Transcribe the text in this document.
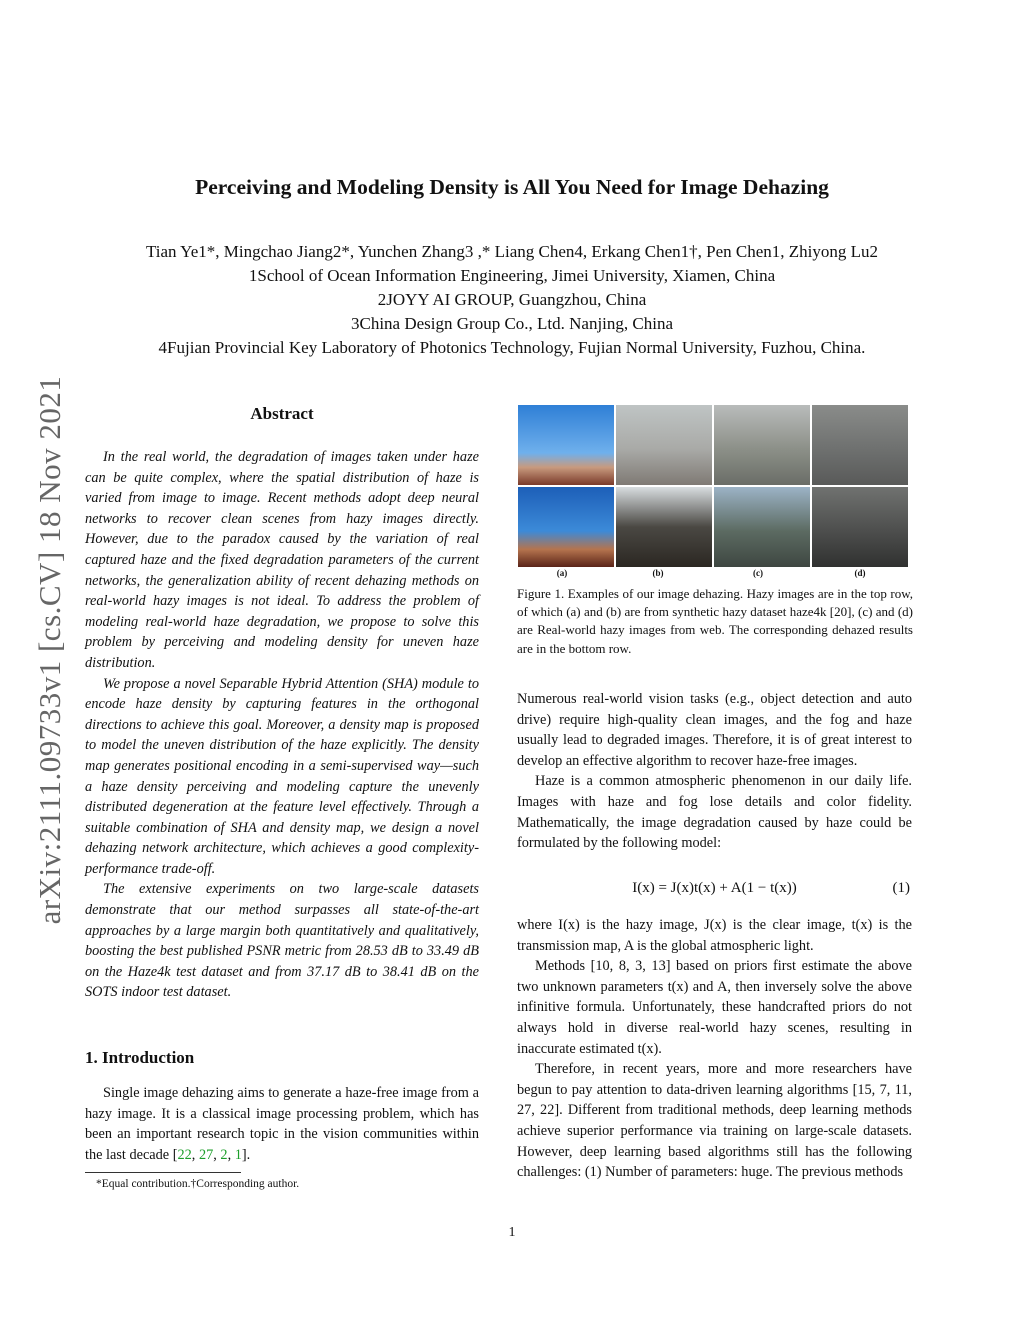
arXiv:2111.09733v1 [cs.CV] 18 Nov 2021
Perceiving and Modeling Density is All You Need for Image Dehazing
Tian Ye1*, Mingchao Jiang2*, Yunchen Zhang3 ,* Liang Chen4, Erkang Chen1†, Pen Chen1, Zhiyong Lu2
1School of Ocean Information Engineering, Jimei University, Xiamen, China
2JOYY AI GROUP, Guangzhou, China
3China Design Group Co., Ltd. Nanjing, China
4Fujian Provincial Key Laboratory of Photonics Technology, Fujian Normal University, Fuzhou, China.
Abstract

In the real world, the degradation of images taken under haze can be quite complex, where the spatial distribution of haze is varied from image to image. Recent methods adopt deep neural networks to recover clean scenes from hazy images directly. However, due to the paradox caused by the variation of real captured haze and the fixed degradation parameters of the current networks, the generalization ability of recent dehazing methods on real-world hazy images is not ideal. To address the problem of modeling real-world haze degradation, we propose to solve this problem by perceiving and modeling density for uneven haze distribution.

We propose a novel Separable Hybrid Attention (SHA) module to encode haze density by capturing features in the orthogonal directions to achieve this goal. Moreover, a density map is proposed to model the uneven distribution of the haze explicitly. The density map generates positional encoding in a semi-supervised way—such a haze density perceiving and modeling capture the unevenly distributed degeneration at the feature level effectively. Through a suitable combination of SHA and density map, we design a novel dehazing network architecture, which achieves a good complexity-performance trade-off.

The extensive experiments on two large-scale datasets demonstrate that our method surpasses all state-of-the-art approaches by a large margin both quantitatively and qualitatively, boosting the best published PSNR metric from 28.53 dB to 33.49 dB on the Haze4k test dataset and from 37.17 dB to 38.41 dB on the SOTS indoor test dataset.

1. Introduction

Single image dehazing aims to generate a haze-free image from a hazy image. It is a classical image processing problem, which has been an important research topic in the vision communities within the last decade [22, 27, 2, 1].

*Equal contribution.†Corresponding author.
(a)	(b)	(c)	(d)
Figure 1. Examples of our image dehazing. Hazy images are in the top row, of which (a) and (b) are from synthetic hazy dataset haze4k [20], (c) and (d) are Real-world hazy images from web. The corresponding dehazed results are in the bottom row.

Numerous real-world vision tasks (e.g., object detection and auto drive) require high-quality clean images, and the fog and haze usually lead to degraded images. Therefore, it is of great interest to develop an effective algorithm to recover haze-free images.

Haze is a common atmospheric phenomenon in our daily life. Images with haze and fog lose details and color fidelity. Mathematically, the image degradation caused by haze could be formulated by the following model:

I(x) = J(x)t(x) + A(1 − t(x))	(1)

where I(x) is the hazy image, J(x) is the clear image, t(x) is the transmission map, A is the global atmospheric light.

Methods [10, 8, 3, 13] based on priors first estimate the above two unknown parameters t(x) and A, then inversely solve the above infinitive formula. Unfortunately, these handcrafted priors do not always hold in diverse real-world hazy scenes, resulting in inaccurate estimated t(x).

Therefore, in recent years, more and more researchers have begun to pay attention to data-driven learning algorithms [15, 7, 11, 27, 22]. Different from traditional methods, deep learning methods achieve superior performance via training on large-scale datasets. However, deep learning based algorithms still has the following challenges: (1) Number of parameters: huge. The previous methods

1
